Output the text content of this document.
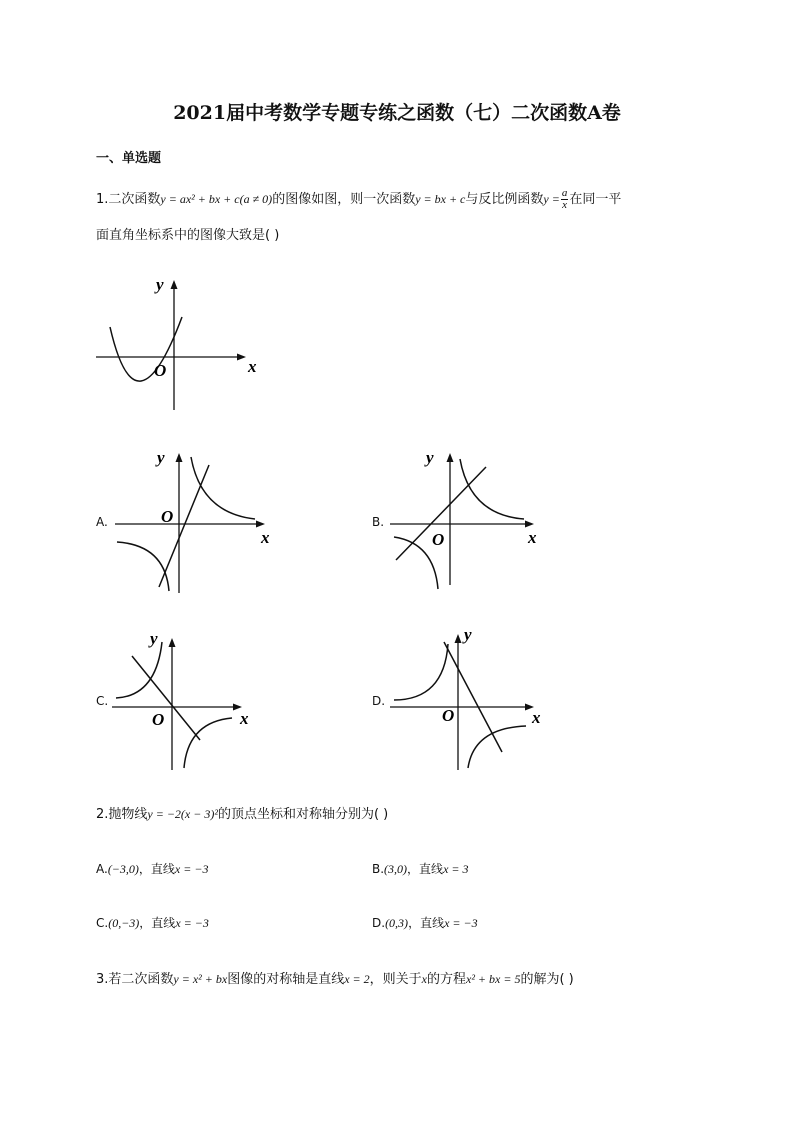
2021届中考数学专题专练之函数（七）二次函数A卷
一、单选题
1.二次函数y = ax² + bx + c(a ≠ 0)的图像如图，则一次函数y = bx + c与反比例函数$y = \frac{a}{x}$ 在同一平
面直角坐标系中的图像大致是( )
y
x
O
A.
y
x
O	B.
y
x
O
C.
y
x
O
D.
y
x
O
2.抛物线y = −2(x − 3)²的顶点坐标和对称轴分别为( )
A.(−3,0)，直线x = −3	B.(3,0)，直线x = 3
C.(0,−3)，直线x = −3	D.(0,3)，直线x = −3
3.若二次函数y = x² + bx图像的对称轴是直线x = 2，则关于x的方程x² + bx = 5的解为( )
